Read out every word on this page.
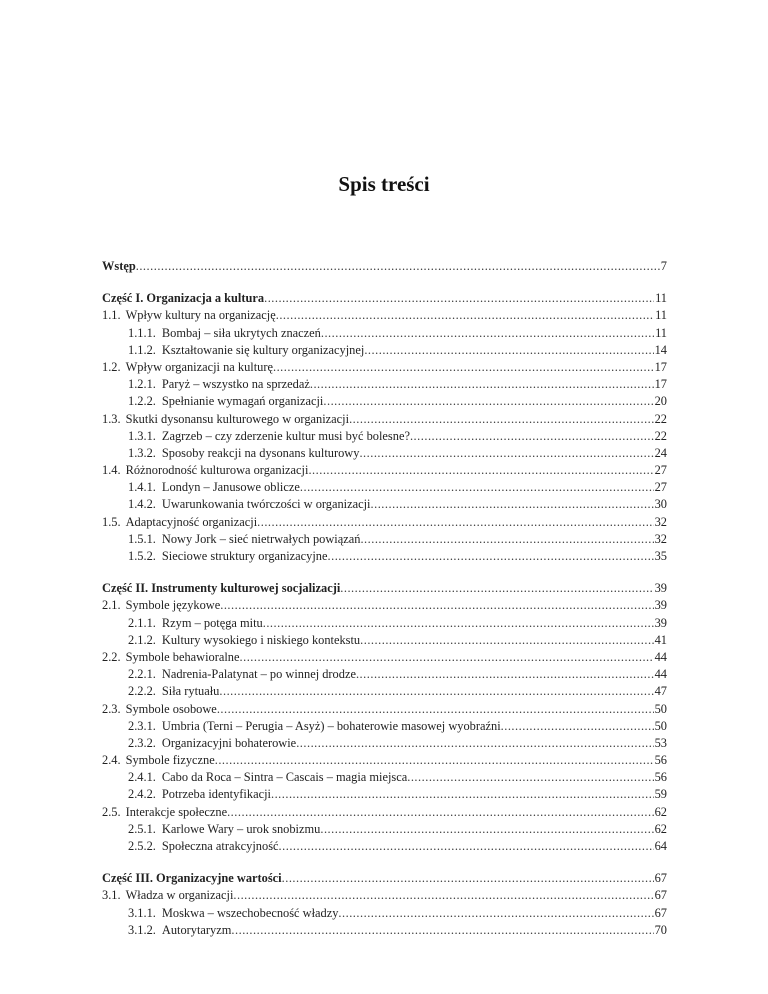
Spis treści
Wstęp .....	7
Część I. Organizacja a kultura .....	11
1.1. Wpływ kultury na organizację .....	11
1.1.1. Bombaj – siła ukrytych znaczeń .....	11
1.1.2. Kształtowanie się kultury organizacyjnej .....	14
1.2. Wpływ organizacji na kulturę .....	17
1.2.1. Paryż – wszystko na sprzedaż .....	17
1.2.2. Spełnianie wymagań organizacji .....	20
1.3. Skutki dysonansu kulturowego w organizacji .....	22
1.3.1. Zagrzeb – czy zderzenie kultur musi być bolesne? .....	22
1.3.2. Sposoby reakcji na dysonans kulturowy .....	24
1.4. Różnorodność kulturowa organizacji .....	27
1.4.1. Londyn – Janusowe oblicze .....	27
1.4.2. Uwarunkowania twórczości w organizacji .....	30
1.5. Adaptacyjność organizacji .....	32
1.5.1. Nowy Jork – sieć nietrwałych powiązań .....	32
1.5.2. Sieciowe struktury organizacyjne .....	35
Część II. Instrumenty kulturowej socjalizacji .....	39
2.1. Symbole językowe .....	39
2.1.1. Rzym – potęga mitu .....	39
2.1.2. Kultury wysokiego i niskiego kontekstu .....	41
2.2. Symbole behawioralne .....	44
2.2.1. Nadrenia-Palatynat – po winnej drodze .....	44
2.2.2. Siła rytuału .....	47
2.3. Symbole osobowe .....	50
2.3.1. Umbria (Terni – Perugia – Asyż) – bohaterowie masowej wyobraźni .....	50
2.3.2. Organizacyjni bohaterowie .....	53
2.4. Symbole fizyczne .....	56
2.4.1. Cabo da Roca – Sintra – Cascais – magia miejsca .....	56
2.4.2. Potrzeba identyfikacji .....	59
2.5. Interakcje społeczne .....	62
2.5.1. Karlowe Wary – urok snobizmu .....	62
2.5.2. Społeczna atrakcyjność .....	64
Część III. Organizacyjne wartości .....	67
3.1. Władza w organizacji .....	67
3.1.1. Moskwa – wszechobecność władzy .....	67
3.1.2. Autorytaryzm .....	70
